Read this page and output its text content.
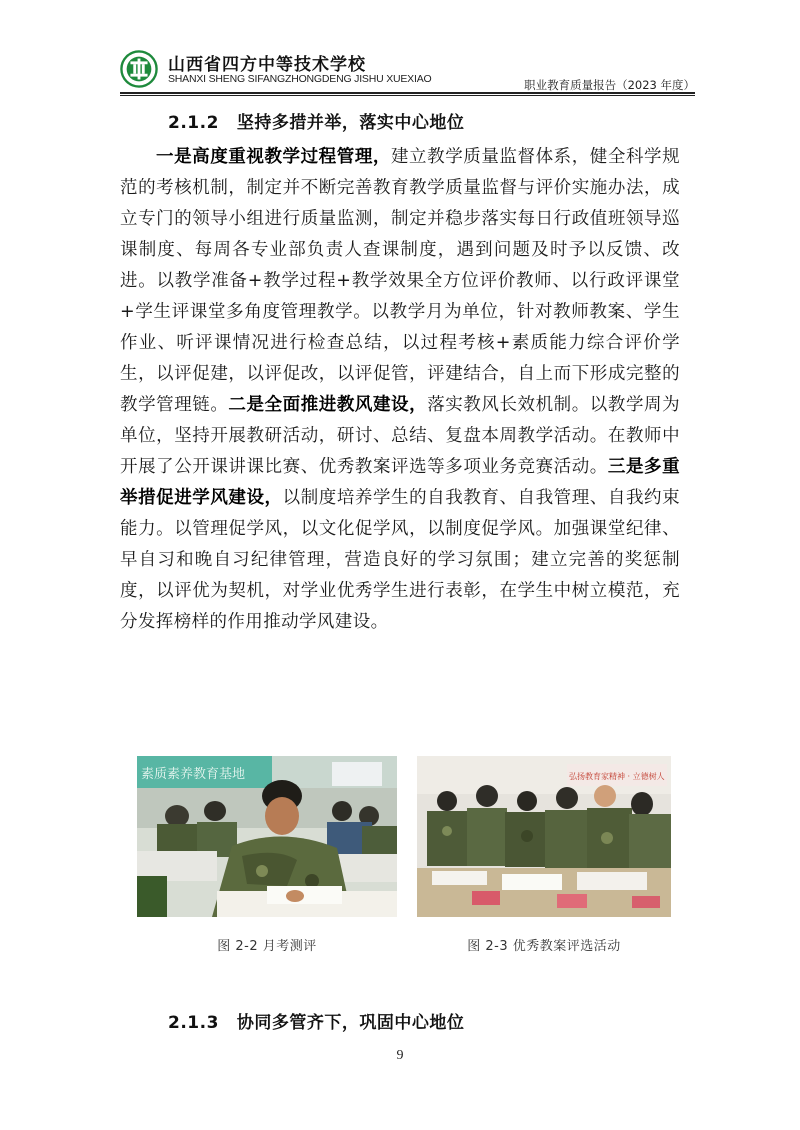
山西省四方中等技术学校
SHANXI SHENG SIFANGZHONGDENG JISHU XUEXIAO	职业教育质量报告（2023 年度）
2.1.2 坚持多措并举，落实中心地位

一是高度重视教学过程管理，建立教学质量监督体系，健全科学规范的考核机制，制定并不断完善教育教学质量监督与评价实施办法，成立专门的领导小组进行质量监测，制定并稳步落实每日行政值班领导巡课制度、每周各专业部负责人查课制度，遇到问题及时予以反馈、改进。以教学准备+教学过程+教学效果全方位评价教师、以行政评课堂+学生评课堂多角度管理教学。以教学月为单位，针对教师教案、学生作业、听评课情况进行检查总结，以过程考核+素质能力综合评价学生，以评促建，以评促改，以评促管，评建结合，自上而下形成完整的教学管理链。二是全面推进教风建设，落实教风长效机制。以教学周为单位，坚持开展教研活动，研讨、总结、复盘本周教学活动。在教师中开展了公开课讲课比赛、优秀教案评选等多项业务竞赛活动。三是多重举措促进学风建设，以制度培养学生的自我教育、自我管理、自我约束能力。以管理促学风，以文化促学风，以制度促学风。加强课堂纪律、早自习和晚自习纪律管理，营造良好的学习氛围；建立完善的奖惩制度，以评优为契机，对学业优秀学生进行表彰，在学生中树立模范，充分发挥榜样的作用推动学风建设。

素质素养教育基地
图 2-2 月考测评
弘扬教育家精神 · 立德树人
图 2-3 优秀教案评选活动
2.1.3 协同多管齐下，巩固中心地位
9
